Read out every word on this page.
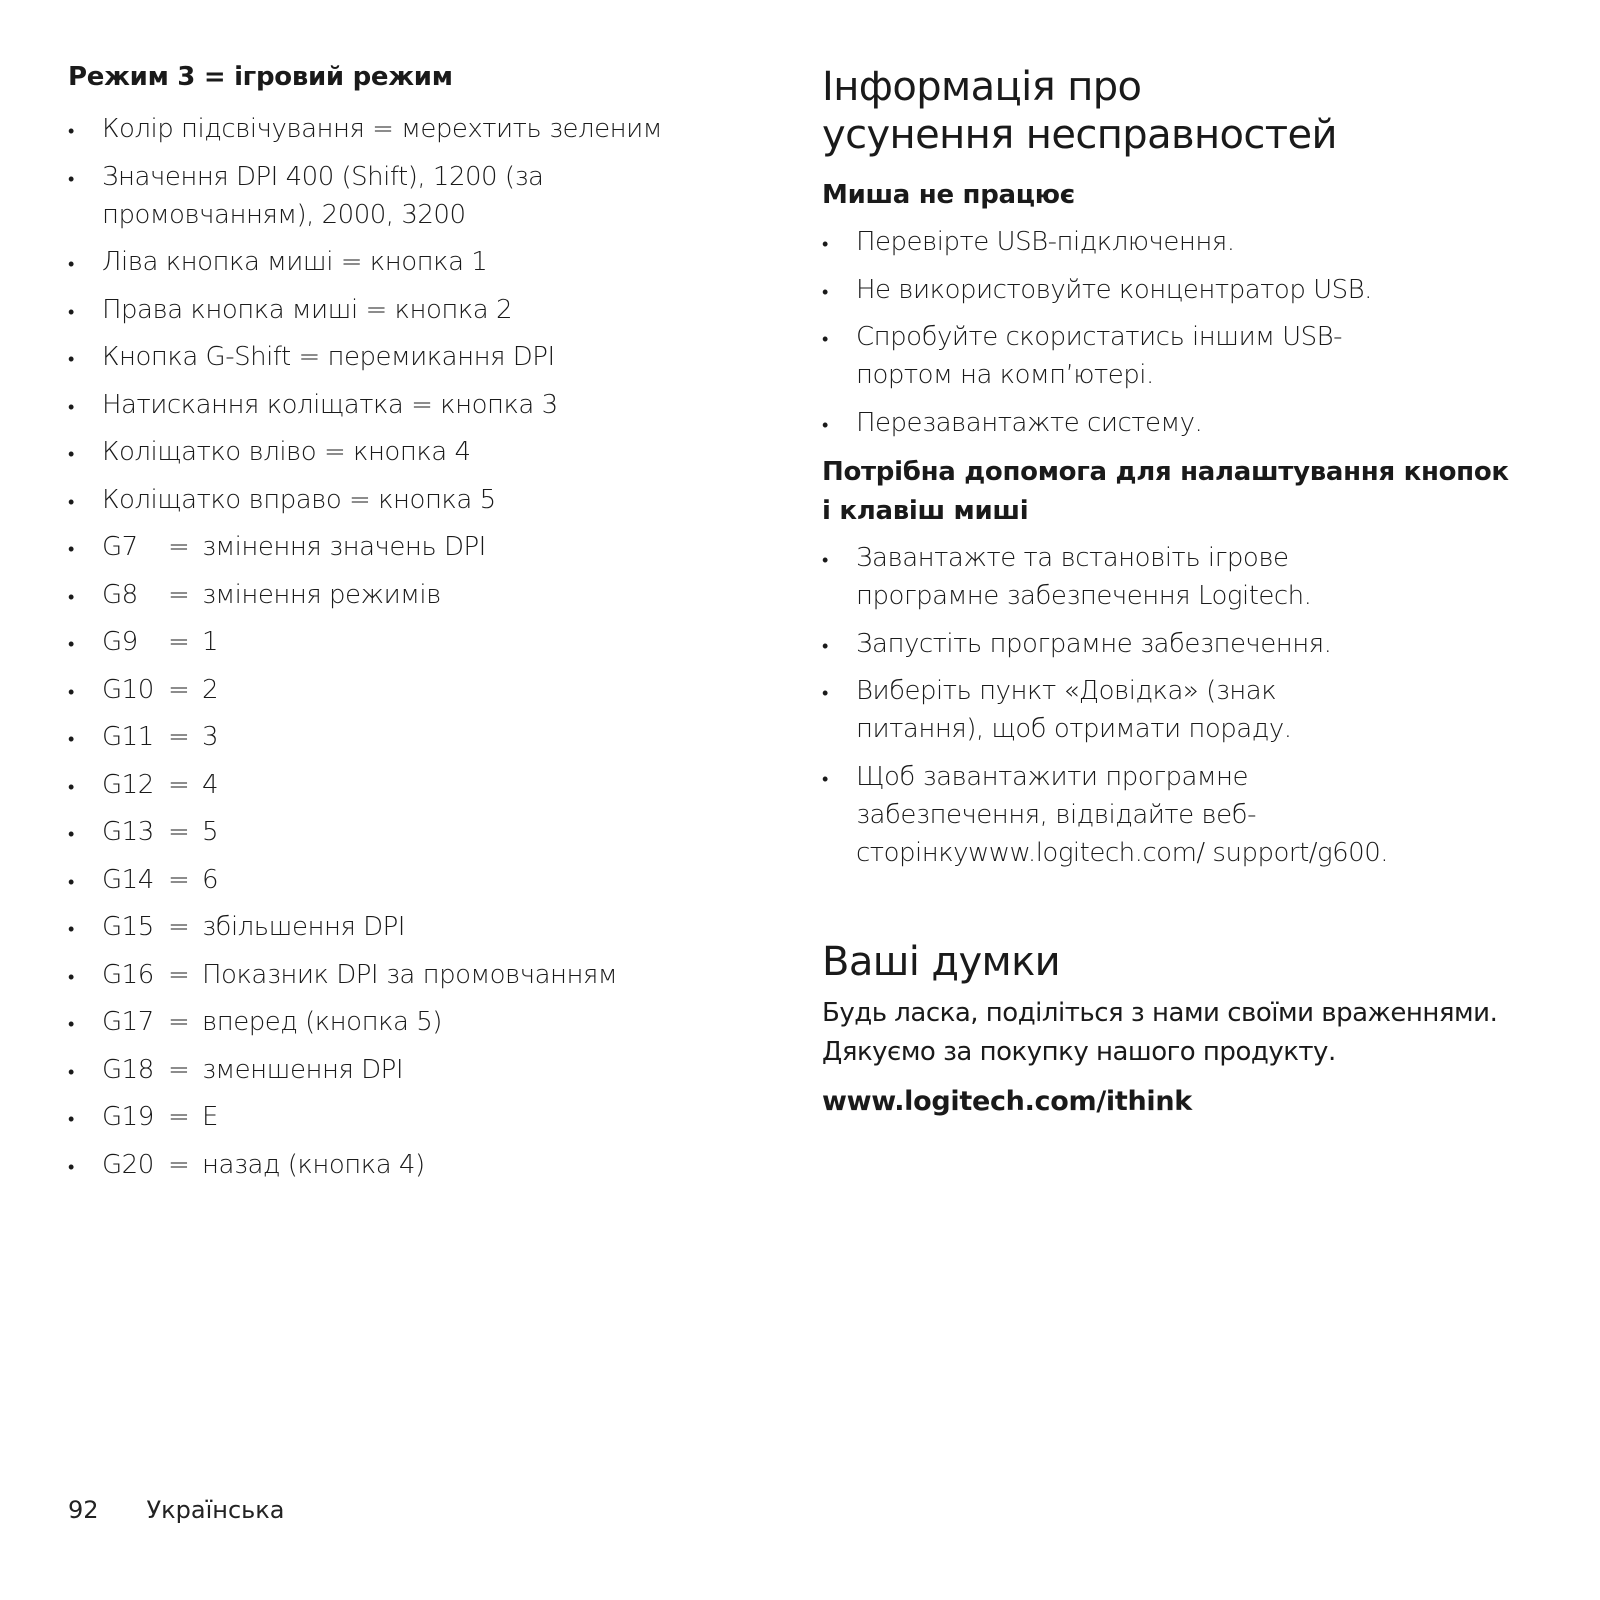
Режим 3 = ігровий режим
•
Колір підсвічування = мерехтить зеленим
•
Значення DPI 400 (Shift), 1200 (за промовчанням), 2000, 3200
•
Ліва кнопка миші = кнопка 1
•
Права кнопка миші = кнопка 2
•
Кнопка G-Shift = перемикання DPI
•
Натискання коліщатка = кнопка 3
•
Коліщатко вліво = кнопка 4
•
Коліщатко вправо = кнопка 5
•
G7 = змінення значень DPI
•
G8 = змінення режимів
•
G9 = 1
•
G10 = 2
•
G11 = 3
•
G12 = 4
•
G13 = 5
•
G14 = 6
•
G15 = збільшення DPI
•
G16 = Показник DPI за промовчанням
•
G17 = вперед (кнопка 5)
•
G18 = зменшення DPI
•
G19 = E
•
G20 = назад (кнопка 4)
Інформація про усунення несправностей
Миша не працює
•
Перевірте USB-підключення.
•
Не використовуйте концентратор USB.
•
Спробуйте скористатись іншим USB-портом на комп’ютері.
•
Перезавантажте систему.
Потрібна допомога для налаштування кнопок і клавіш миші
•
Завантажте та встановіть ігрове програмне забезпечення Logitech.
•
Запустіть програмне забезпечення.
•
Виберіть пункт «Довідка» (знак питання), щоб отримати пораду.
•
Щоб завантажити програмне забезпечення, відвідайте веб-сторінкуwww.logitech.com/ support/g600.
Ваші думки

Будь ласка, поділіться з нами своїми враженнями.

Дякуємо за покупку нашого продукту.

www.logitech.com/ithink
92 Українська
